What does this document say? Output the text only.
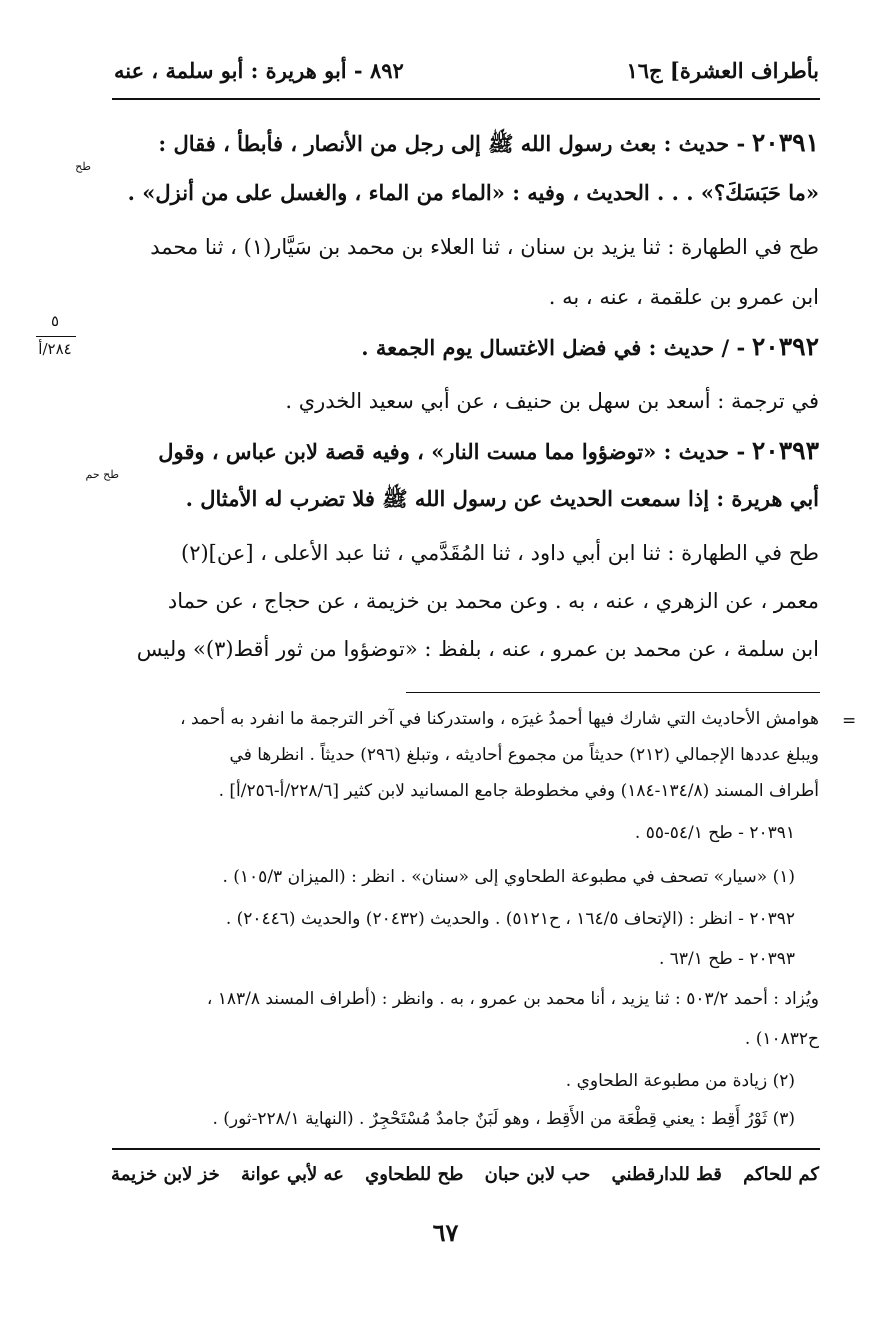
بأطراف العشرة] ج١٦
٨٩٢ - أبو هريرة : أبو سلمة ، عنه
٥
٢٨٤/أ
٢٠٣٩١ - حديث : بعث رسول الله ﷺ إلى رجل من الأنصار ، فأبطأ ، فقال :
طح
«ما حَبَسَكَ؟» . . . الحديث ، وفيه : «الماء من الماء ، والغسل على من أنزل» .
طح في الطهارة : ثنا يزيد بن سنان ، ثنا العلاء بن محمد بن سَيَّار(١) ، ثنا محمد
ابن عمرو بن علقمة ، عنه ، به .
٢٠٣٩٢ - / حديث : في فضل الاغتسال يوم الجمعة .
في ترجمة : أسعد بن سهل بن حنيف ، عن أبي سعيد الخدري .
٢٠٣٩٣ - حديث : «توضؤوا مما مست النار» ، وفيه قصة لابن عباس ، وقول
طح حم
أبي هريرة : إذا سمعت الحديث عن رسول الله ﷺ فلا تضرب له الأمثال .
طح في الطهارة : ثنا ابن أبي داود ، ثنا المُقَدَّمي ، ثنا عبد الأعلى ، [عن](٢)
معمر ، عن الزهري ، عنه ، به . وعن محمد بن خزيمة ، عن حجاج ، عن حماد
ابن سلمة ، عن محمد بن عمرو ، عنه ، بلفظ : «توضؤوا من ثور أقط(٣)» وليس
=
هوامش الأحاديث التي شارك فيها أحمدُ غيرَه ، واستدركنا في آخر الترجمة ما انفرد به أحمد ،
ويبلغ عددها الإجمالي (٢١٢) حديثاً من مجموع أحاديثه ، وتبلغ (٢٩٦) حديثاً . انظرها في
أطراف المسند (١٣٤/٨-١٨٤) وفي مخطوطة جامع المسانيد لابن كثير [٢٢٨/٦/أ-٢٥٦/أ] .
٢٠٣٩١ - طح ٥٤/١-٥٥ .
(١) «سيار» تصحف في مطبوعة الطحاوي إلى «سنان» . انظر : (الميزان ١٠٥/٣) .
٢٠٣٩٢ - انظر : (الإتحاف ١٦٤/٥ ، ح٥١٢١) . والحديث (٢٠٤٣٢) والحديث (٢٠٤٤٦) .
٢٠٣٩٣ - طح ٦٣/١ .
ويُزاد : أحمد ٥٠٣/٢ : ثنا يزيد ، أنا محمد بن عمرو ، به . وانظر : (أطراف المسند ١٨٣/٨ ،
ح١٠٨٣٢) .
(٢) زيادة من مطبوعة الطحاوي .
(٣) ثَوْرُ أَقِط : يعني قِطْعَة من الأَقِط ، وهو لَبَنٌ جامدٌ مُسْتَحْجِرٌ . (النهاية ٢٢٨/١-ثور) .
خز لابن خزيمة عه لأبي عوانة طح للطحاوي حب لابن حبان قط للدارقطني كم للحاكم
٦٧
